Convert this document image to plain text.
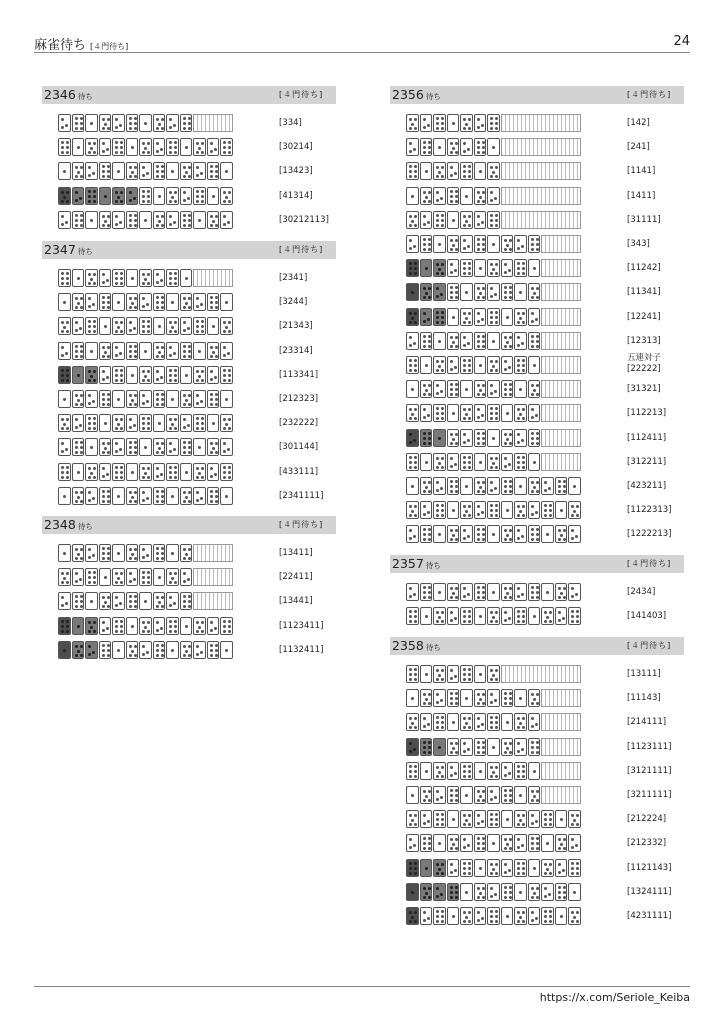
麻雀待ち [４門待ち]	24
2346 待ち	[４門待ち]
[334]
[30214]
[13423]
[41314]
[30212113]
2347 待ち	[４門待ち]
[2341]
[3244]
[21343]
[23314]
[113341]
[212323]
[232222]
[301144]
[433111]
[2341111]
2348 待ち	[４門待ち]
[13411]
[22411]
[13441]
[1123411]
[1132411]
2356 待ち	[４門待ち]
[142]
[241]
[1141]
[1411]
[31111]
[343]
[11242]
[11341]
[12241]
[12313]
五連対子
[22222]
[31321]
[112213]
[112411]
[312211]
[423211]
[1122313]
[1222213]
2357 待ち	[４門待ち]
[2434]
[141403]
2358 待ち	[４門待ち]
[13111]
[11143]
[214111]
[1123111]
[3121111]
[3211111]
[212224]
[212332]
[1121143]
[1324111]
[4231111]
https://x.com/Seriole_Keiba
